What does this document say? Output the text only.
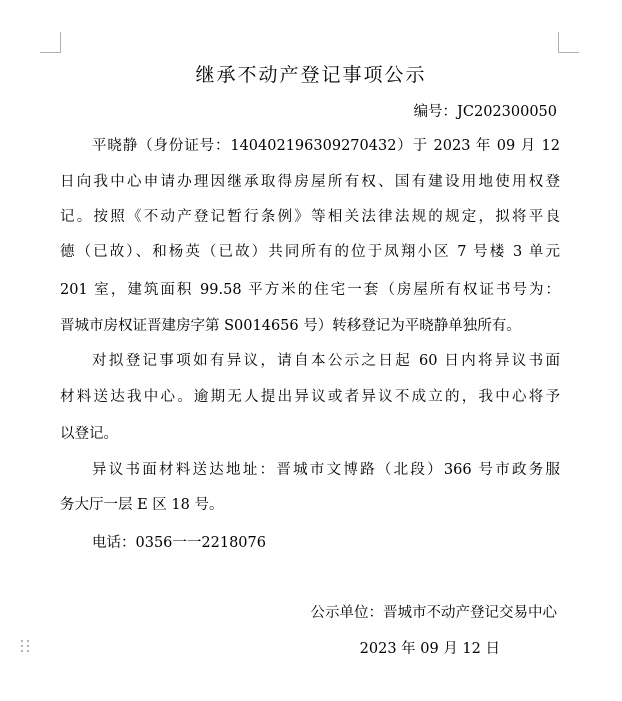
继承不动产登记事项公示
编号：JC202300050
平晓静（身份证号：140402196309270432）于 2023 年 09 月 12
日向我中心申请办理因继承取得房屋所有权、国有建设用地使用权登
记。按照《不动产登记暂行条例》等相关法律法规的规定，拟将平良
德（已故）、和杨英（已故）共同所有的位于凤翔小区 7 号楼 3 单元
201 室，建筑面积 99.58 平方米的住宅一套（房屋所有权证书号为：
晋城市房权证晋建房字第 S0014656 号）转移登记为平晓静单独所有。
对拟登记事项如有异议，请自本公示之日起 60 日内将异议书面
材料送达我中心。逾期无人提出异议或者异议不成立的，我中心将予
以登记。
异议书面材料送达地址：晋城市文博路（北段）366 号市政务服
务大厅一层 E 区 18 号。
电话：0356一一2218076
公示单位：晋城市不动产登记交易中心
2023 年 09 月 12 日
